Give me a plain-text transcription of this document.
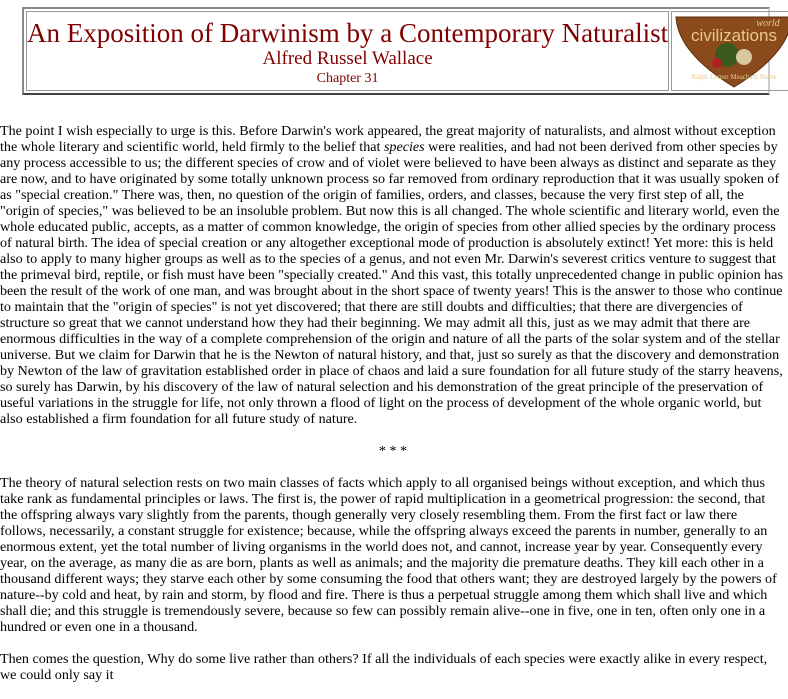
An Exposition of Darwinism by a Contemporary Naturalist
Alfred Russel Wallace
Chapter 31
world
civilizations
Ralph Lerner Meacham Burns

The point I wish especially to urge is this. Before Darwin's work appeared, the great majority of naturalists, and almost without exception the whole literary and scientific world, held firmly to the belief that species were realities, and had not been derived from other species by any process accessible to us; the different species of crow and of violet were believed to have been always as distinct and separate as they are now, and to have originated by some totally unknown process so far removed from ordinary reproduction that it was usually spoken of as "special creation." There was, then, no question of the origin of families, orders, and classes, because the very first step of all, the "origin of species," was believed to be an insoluble problem. But now this is all changed. The whole scientific and literary world, even the whole educated public, accepts, as a matter of common knowledge, the origin of species from other allied species by the ordinary process of natural birth. The idea of special creation or any altogether exceptional mode of production is absolutely extinct! Yet more: this is held also to apply to many higher groups as well as to the species of a genus, and not even Mr. Darwin's severest critics venture to suggest that the primeval bird, reptile, or fish must have been "specially created." And this vast, this totally unprecedented change in public opinion has been the result of the work of one man, and was brought about in the short space of twenty years! This is the answer to those who continue to maintain that the "origin of species" is not yet discovered; that there are still doubts and difficulties; that there are divergencies of structure so great that we cannot understand how they had their beginning. We may admit all this, just as we may admit that there are enormous difficulties in the way of a complete comprehension of the origin and nature of all the parts of the solar system and of the stellar universe. But we claim for Darwin that he is the Newton of natural history, and that, just so surely as that the discovery and demonstration by Newton of the law of gravitation established order in place of chaos and laid a sure foundation for all future study of the starry heavens, so surely has Darwin, by his discovery of the law of natural selection and his demonstration of the great principle of the preservation of useful variations in the struggle for life, not only thrown a flood of light on the process of development of the whole organic world, but also established a firm foundation for all future study of nature.

* * *

The theory of natural selection rests on two main classes of facts which apply to all organised beings without exception, and which thus take rank as fundamental principles or laws. The first is, the power of rapid multiplication in a geometrical progression: the second, that the offspring always vary slightly from the parents, though generally very closely resembling them. From the first fact or law there follows, necessarily, a constant struggle for existence; because, while the offspring always exceed the parents in number, generally to an enormous extent, yet the total number of living organisms in the world does not, and cannot, increase year by year. Consequently every year, on the average, as many die as are born, plants as well as animals; and the majority die premature deaths. They kill each other in a thousand different ways; they starve each other by some consuming the food that others want; they are destroyed largely by the powers of nature--by cold and heat, by rain and storm, by flood and fire. There is thus a perpetual struggle among them which shall live and which shall die; and this struggle is tremendously severe, because so few can possibly remain alive--one in five, one in ten, often only one in a hundred or even one in a thousand.

Then comes the question, Why do some live rather than others? If all the individuals of each species were exactly alike in every respect, we could only say it
